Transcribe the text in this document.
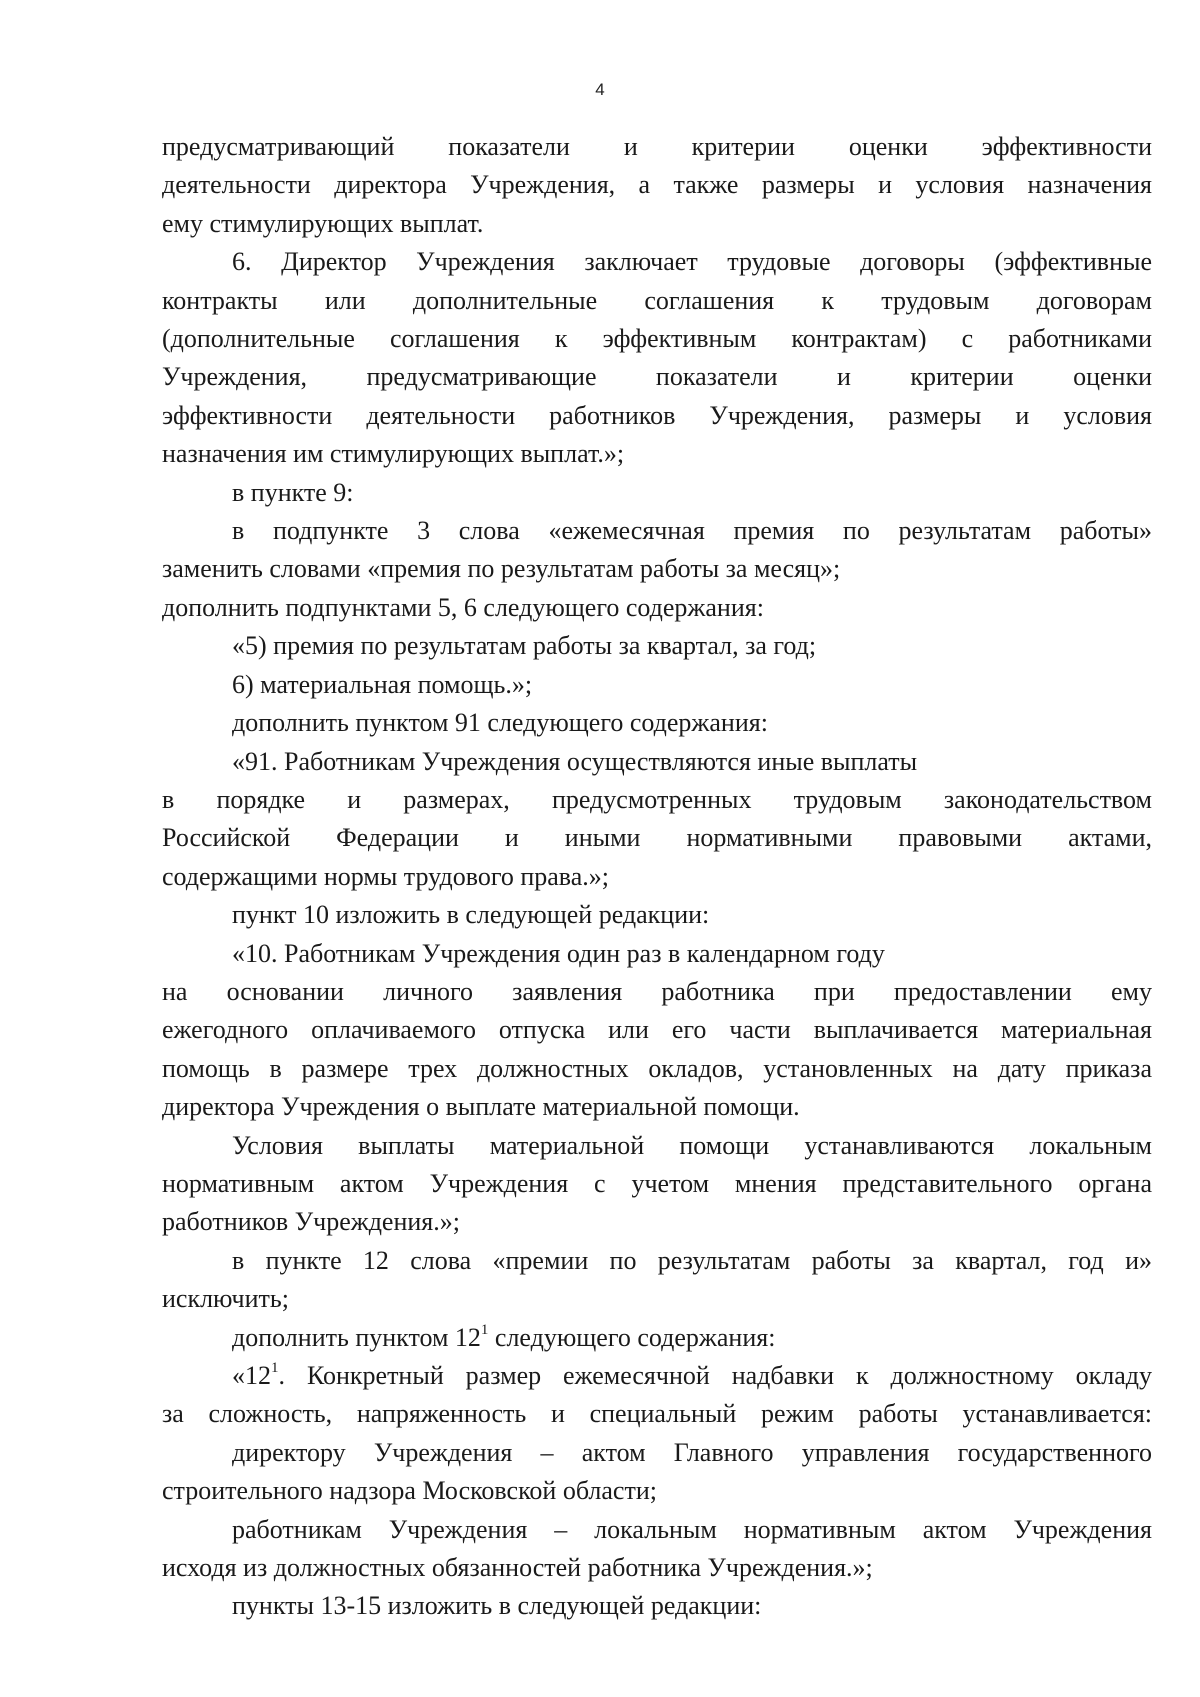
4
предусматривающий показатели и критерии оценки эффективности
деятельности директора Учреждения, а также размеры и условия назначения
ему стимулирующих выплат.
6. Директор Учреждения заключает трудовые договоры (эффективные
контракты или дополнительные соглашения к трудовым договорам
(дополнительные соглашения к эффективным контрактам) с работниками
Учреждения, предусматривающие показатели и критерии оценки
эффективности деятельности работников Учреждения, размеры и условия
назначения им стимулирующих выплат.»;
в пункте 9:
в подпункте 3 слова «ежемесячная премия по результатам работы»
заменить словами «премия по результатам работы за месяц»;
дополнить подпунктами 5, 6 следующего содержания:
«5) премия по результатам работы за квартал, за год;
6) материальная помощь.»;
дополнить пунктом 91 следующего содержания:
«91. Работникам Учреждения осуществляются иные выплаты
в порядке и размерах, предусмотренных трудовым законодательством
Российской Федерации и иными нормативными правовыми актами,
содержащими нормы трудового права.»;
пункт 10 изложить в следующей редакции:
«10. Работникам Учреждения один раз в календарном году
на основании личного заявления работника при предоставлении ему
ежегодного оплачиваемого отпуска или его части выплачивается материальная
помощь в размере трех должностных окладов, установленных на дату приказа
директора Учреждения о выплате материальной помощи.
Условия выплаты материальной помощи устанавливаются локальным
нормативным актом Учреждения с учетом мнения представительного органа
работников Учреждения.»;
в пункте 12 слова «премии по результатам работы за квартал, год и»
исключить;
дополнить пунктом $12^1$ следующего содержания:
«$12^1$. Конкретный размер ежемесячной надбавки к должностному окладу
за сложность, напряженность и специальный режим работы устанавливается:
директору Учреждения – актом Главного управления государственного
строительного надзора Московской области;
работникам Учреждения – локальным нормативным актом Учреждения
исходя из должностных обязанностей работника Учреждения.»;
пункты 13-15 изложить в следующей редакции:
